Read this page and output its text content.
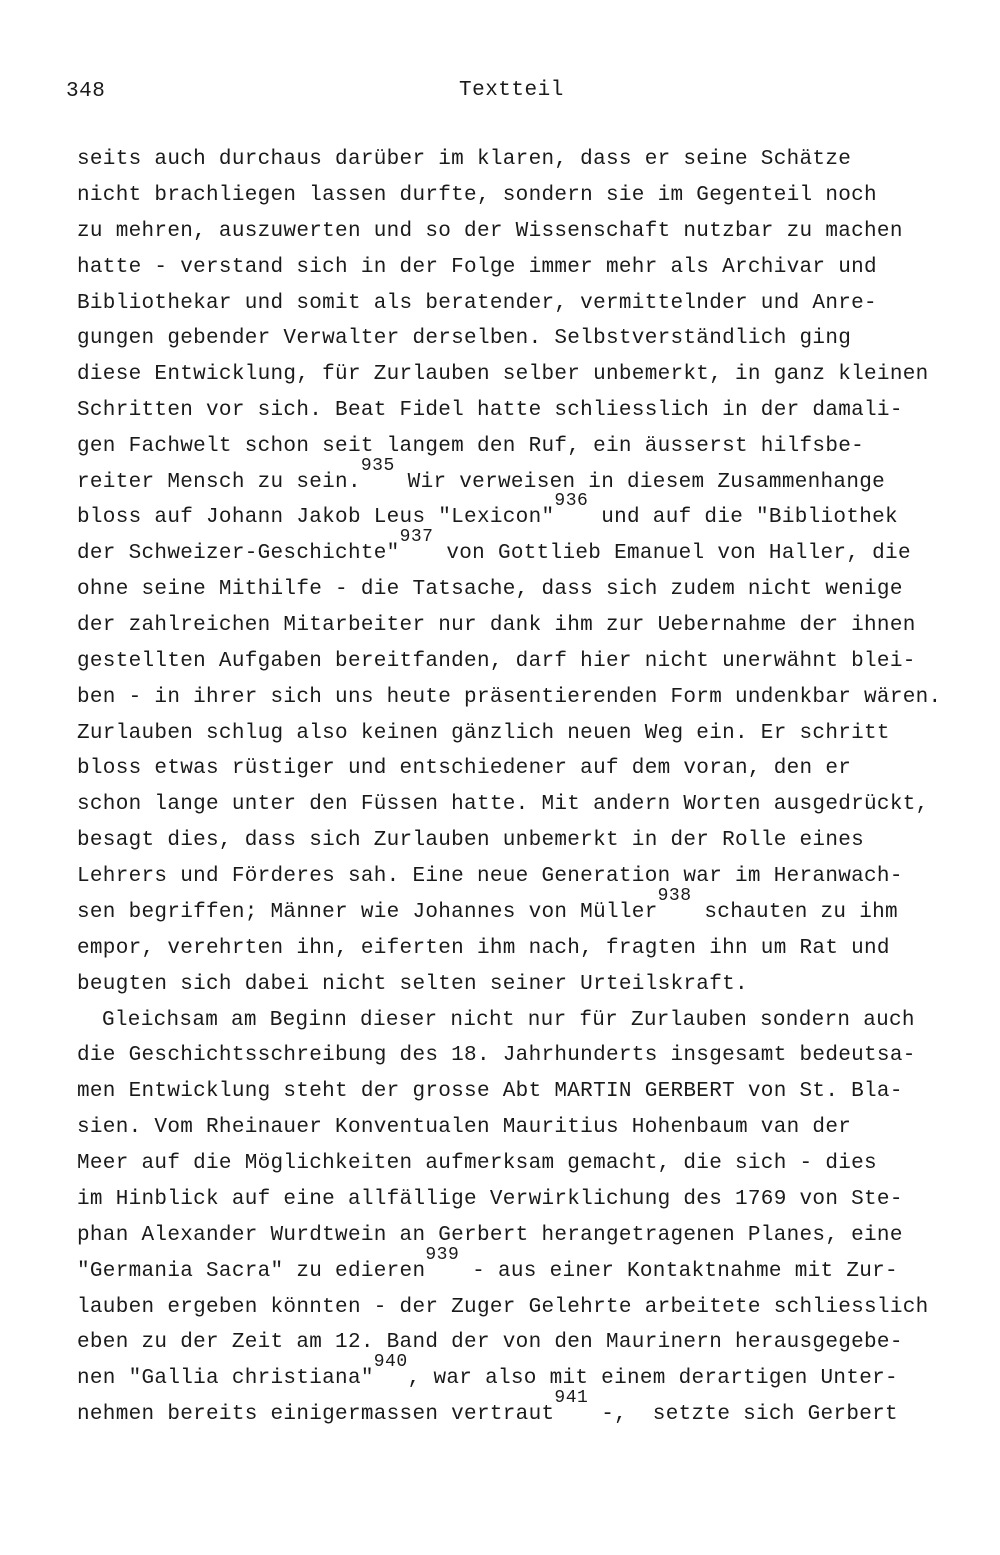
348	Textteil
seits auch durchaus darüber im klaren, dass er seine Schätze
nicht brachliegen lassen durfte, sondern sie im Gegenteil noch
zu mehren, auszuwerten und so der Wissenschaft nutzbar zu machen
hatte - verstand sich in der Folge immer mehr als Archivar und
Bibliothekar und somit als beratender, vermittelnder und Anre-
gungen gebender Verwalter derselben. Selbstverständlich ging
diese Entwicklung, für Zurlauben selber unbemerkt, in ganz kleinen
Schritten vor sich. Beat Fidel hatte schliesslich in der damali-
gen Fachwelt schon seit langem den Ruf, ein äusserst hilfsbe-
reiter Mensch zu sein.935 Wir verweisen in diesem Zusammenhange
bloss auf Johann Jakob Leus "Lexicon"936 und auf die "Bibliothek
der Schweizer-Geschichte"937 von Gottlieb Emanuel von Haller, die
ohne seine Mithilfe - die Tatsache, dass sich zudem nicht wenige
der zahlreichen Mitarbeiter nur dank ihm zur Uebernahme der ihnen
gestellten Aufgaben bereitfanden, darf hier nicht unerwähnt blei-
ben - in ihrer sich uns heute präsentierenden Form undenkbar wären.
Zurlauben schlug also keinen gänzlich neuen Weg ein. Er schritt
bloss etwas rüstiger und entschiedener auf dem voran, den er
schon lange unter den Füssen hatte. Mit andern Worten ausgedrückt,
besagt dies, dass sich Zurlauben unbemerkt in der Rolle eines
Lehrers und Förderes sah. Eine neue Generation war im Heranwach-
sen begriffen; Männer wie Johannes von Müller938 schauten zu ihm
empor, verehrten ihn, eiferten ihm nach, fragten ihn um Rat und
beugten sich dabei nicht selten seiner Urteilskraft.
Gleichsam am Beginn dieser nicht nur für Zurlauben sondern auch
die Geschichtsschreibung des 18. Jahrhunderts insgesamt bedeutsa-
men Entwicklung steht der grosse Abt MARTIN GERBERT von St. Bla-
sien. Vom Rheinauer Konventualen Mauritius Hohenbaum van der
Meer auf die Möglichkeiten aufmerksam gemacht, die sich - dies
im Hinblick auf eine allfällige Verwirklichung des 1769 von Ste-
phan Alexander Wurdtwein an Gerbert herangetragenen Planes, eine
"Germania Sacra" zu edieren939 - aus einer Kontaktnahme mit Zur-
lauben ergeben könnten - der Zuger Gelehrte arbeitete schliesslich
eben zu der Zeit am 12. Band der von den Maurinern herausgegebe-
nen "Gallia christiana"940, war also mit einem derartigen Unter-
nehmen bereits einigermassen vertraut941 -,  setzte sich Gerbert
